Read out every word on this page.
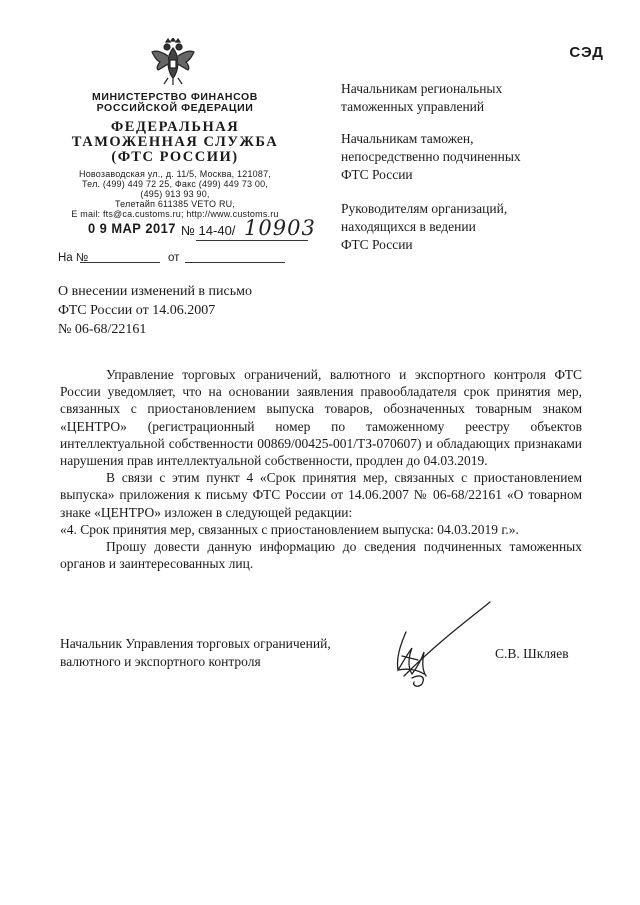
СЭД
МИНИСТЕРСТВО ФИНАНСОВ
РОССИЙСКОЙ ФЕДЕРАЦИИ
ФЕДЕРАЛЬНАЯ
ТАМОЖЕННАЯ СЛУЖБА
(ФТС РОССИИ)
Новозаводская ул., д. 11/5, Москва, 121087,
Тел. (499) 449 72 25, Факс (499) 449 73 00,
(495) 913 93 90,
Телетайп 611385 VETO RU,
E mail: fts@ca.customs.ru; http://www.customs.ru
0 9 МАР 2017 № 14-40/ 10903
На №	от
О внесении изменений в письмо
ФТС России от 14.06.2007
№ 06-68/22161
Начальникам региональных
таможенных управлений
Начальникам таможен,
непосредственно подчиненных
ФТС России
Руководителям организаций,
находящихся в ведении
ФТС России

Управление торговых ограничений, валютного и экспортного контроля ФТС России уведомляет, что на основании заявления правообладателя срок принятия мер, связанных с приостановлением выпуска товаров, обозначенных товарным знаком «ЦЕНТРО» (регистрационный номер по таможенному реестру объектов интеллектуальной собственности 00869/00425-001/ТЗ-070607) и обладающих признаками нарушения прав интеллектуальной собственности, продлен до 04.03.2019.

В связи с этим пункт 4 «Срок принятия мер, связанных с приостановлением выпуска» приложения к письму ФТС России от 14.06.2007 № 06-68/22161 «О товарном знаке «ЦЕНТРО» изложен в следующей редакции:

«4. Срок принятия мер, связанных с приостановлением выпуска: 04.03.2019 г.».

Прошу довести данную информацию до сведения подчиненных таможенных органов и заинтересованных лиц.

Начальник Управления торговых ограничений,
валютного и экспортного контроля
С.В. Шкляев
